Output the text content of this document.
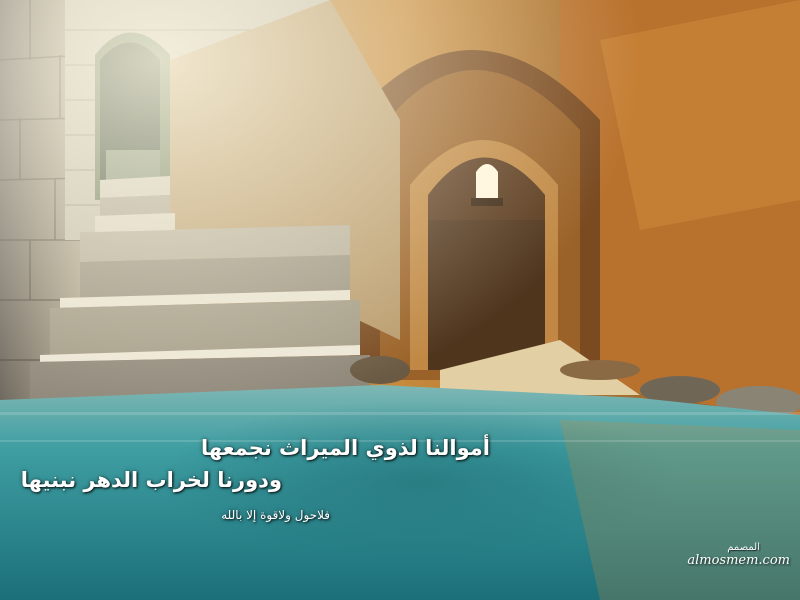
أموالنا لذوي الميراث نجمعها
ودورنا لخراب الدهر نبنيها
فلاحول ولاقوة إلا بالله
المصمم
almosmem.com
